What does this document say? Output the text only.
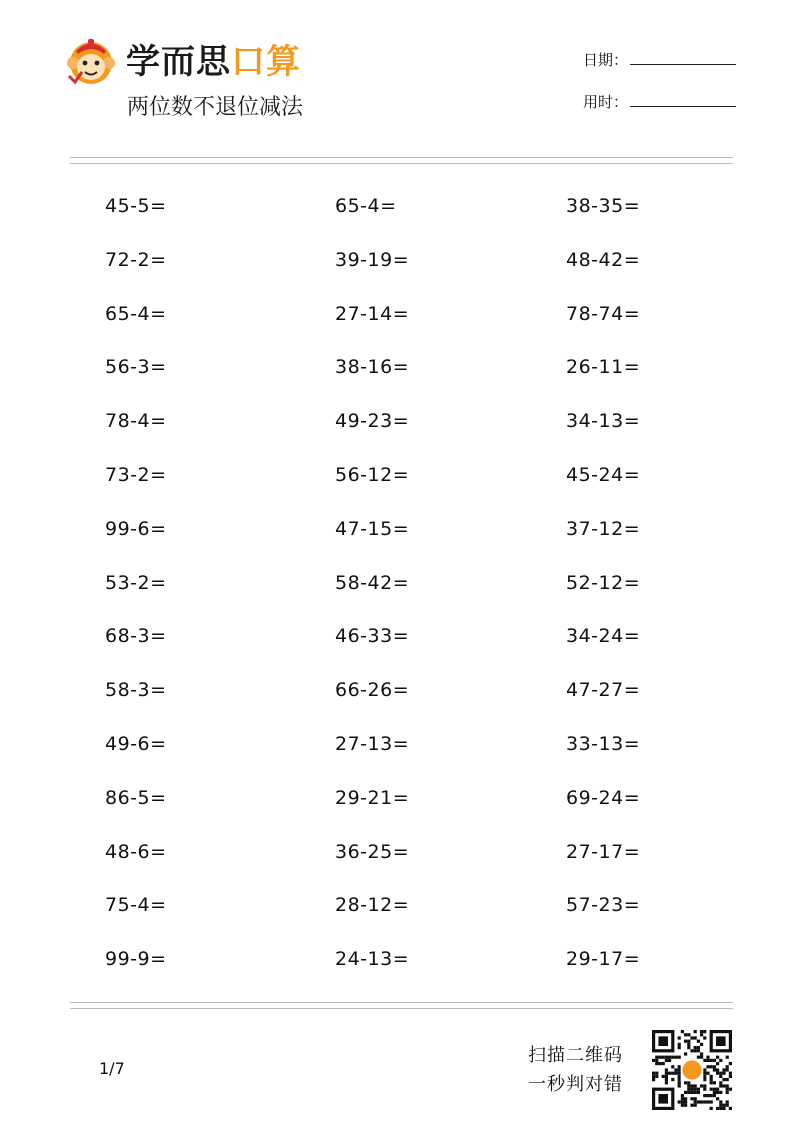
学而思口算
两位数不退位减法
日期：
用时：
45-5=	65-4=	38-35=
72-2=	39-19=	48-42=
65-4=	27-14=	78-74=
56-3=	38-16=	26-11=
78-4=	49-23=	34-13=
73-2=	56-12=	45-24=
99-6=	47-15=	37-12=
53-2=	58-42=	52-12=
68-3=	46-33=	34-24=
58-3=	66-26=	47-27=
49-6=	27-13=	33-13=
86-5=	29-21=	69-24=
48-6=	36-25=	27-17=
75-4=	28-12=	57-23=
99-9=	24-13=	29-17=
1/7
扫描二维码
一秒判对错
